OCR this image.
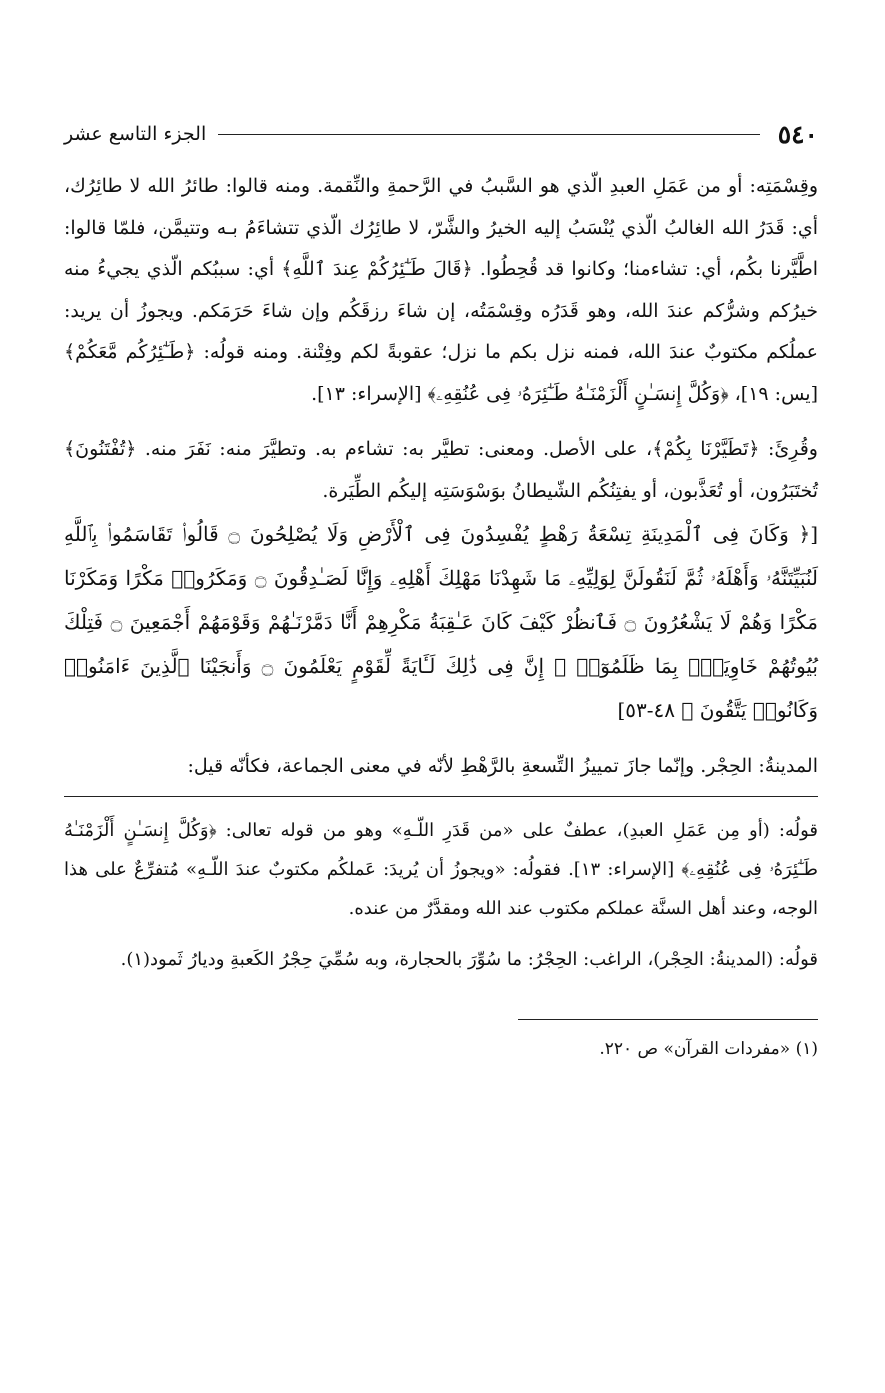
٥٤٠
الجزء التاسع عشر

وقِسْمَتِه: أو من عَمَلِ العبدِ الّذي هو السَّببُ في الرَّحمةِ والنِّقمة. ومنه قالوا: طائرُ الله لا طائِرُك، أي: قَدَرُ الله الغالبُ الّذي يُنْسَبُ إليه الخيرُ والشَّرّ، لا طائِرُك الّذي تتشاءَمُ بـه وتتيمَّن، فلمّا قالوا: اطَّيَّرنا بكُم، أي: تشاءمنا؛ وكانوا قد قُحِطُوا. ﴿قَالَ طَـٰٓئِرُكُمْ عِندَ ٱللَّهِ﴾ أي: سببُكم الّذي يجيءُ منه خيرُكم وشرُّكم عندَ الله، وهو قَدَرُه وقِسْمَتُه، إن شاءَ رزقَكُم وإن شاءَ حَرَمَكم. ويجوزُ أن يريد: عملُكم مكتوبٌ عندَ الله، فمنه نزل بكم ما نزل؛ عقوبةً لكم وفِتْنة. ومنه قولُه: ﴿طَـٰٓئِرُكُم مَّعَكُمْ﴾ [يس: ١٩]، ﴿وَكُلَّ إِنسَـٰنٍ أَلْزَمْنَـٰهُ طَـٰٓئِرَهُۥ فِى عُنُقِهِۦ﴾ [الإسراء: ١٣].

وقُرِئَ: ﴿تَطَيَّرْنَا بِكُمْ﴾، على الأصل. ومعنى: تطيَّر به: تشاءم به. وتطيَّرَ منه: نَفَرَ منه. ﴿تُفْتَنُونَ﴾ تُختَبَرُون، أو تُعَذَّبون، أو يفتِنُكُم الشّيطانُ بوَسْوَسَتِه إليكُم الطِّيَرة.

[﴿ وَكَانَ فِى ٱلْمَدِينَةِ تِسْعَةُ رَهْطٍ يُفْسِدُونَ فِى ٱلْأَرْضِ وَلَا يُصْلِحُونَ ۝ قَالُوا۟ تَقَاسَمُوا۟ بِٱللَّهِ لَنُبَيِّتَنَّهُۥ وَأَهْلَهُۥ ثُمَّ لَنَقُولَنَّ لِوَلِيِّهِۦ مَا شَهِدْنَا مَهْلِكَ أَهْلِهِۦ وَإِنَّا لَصَـٰدِقُونَ ۝ وَمَكَرُوا۟ مَكْرًا وَمَكَرْنَا مَكْرًا وَهُمْ لَا يَشْعُرُونَ ۝ فَٱنظُرْ كَيْفَ كَانَ عَـٰقِبَةُ مَكْرِهِمْ أَنَّا دَمَّرْنَـٰهُمْ وَقَوْمَهُمْ أَجْمَعِينَ ۝ فَتِلْكَ بُيُوتُهُمْ خَاوِيَةًۢ بِمَا ظَلَمُوٓا۟ ۗ إِنَّ فِى ذَٰلِكَ لَـَٔايَةً لِّقَوْمٍ يَعْلَمُونَ ۝ وَأَنجَيْنَا ٱلَّذِينَ ءَامَنُوا۟ وَكَانُوا۟ يَتَّقُونَ ﴾ ٤٨-٥٣]

المدينةُ: الحِجْر. وإنّما جازَ تمييزُ التِّسعةِ بالرَّهْطِ لأنّه في معنى الجماعة، فكأنّه قيل:

قولُه: (أو مِن عَمَلِ العبدِ)، عطفٌ على «من قَدَرِ اللّـهِ» وهو من قوله تعالى: ﴿وَكُلَّ إِنسَـٰنٍ أَلْزَمْنَـٰهُ طَـٰٓئِرَهُۥ فِى عُنُقِهِۦ﴾ [الإسراء: ١٣]. فقولُه: «ويجوزُ أن يُريدَ: عَملكُم مكتوبٌ عندَ اللّـهِ» مُتفرِّعٌ على هذا الوجه، وعند أهل السنَّة عملكم مكتوب عند الله ومقدَّرٌ من عنده.

قولُه: (المدينةُ: الحِجْر)، الراغب: الحِجْرُ: ما سُوِّرَ بالحجارة، وبه سُمِّيَ حِجْرُ الكَعبةِ وديارُ ثَمود(١).

(١) «مفردات القرآن» ص ٢٢٠.
